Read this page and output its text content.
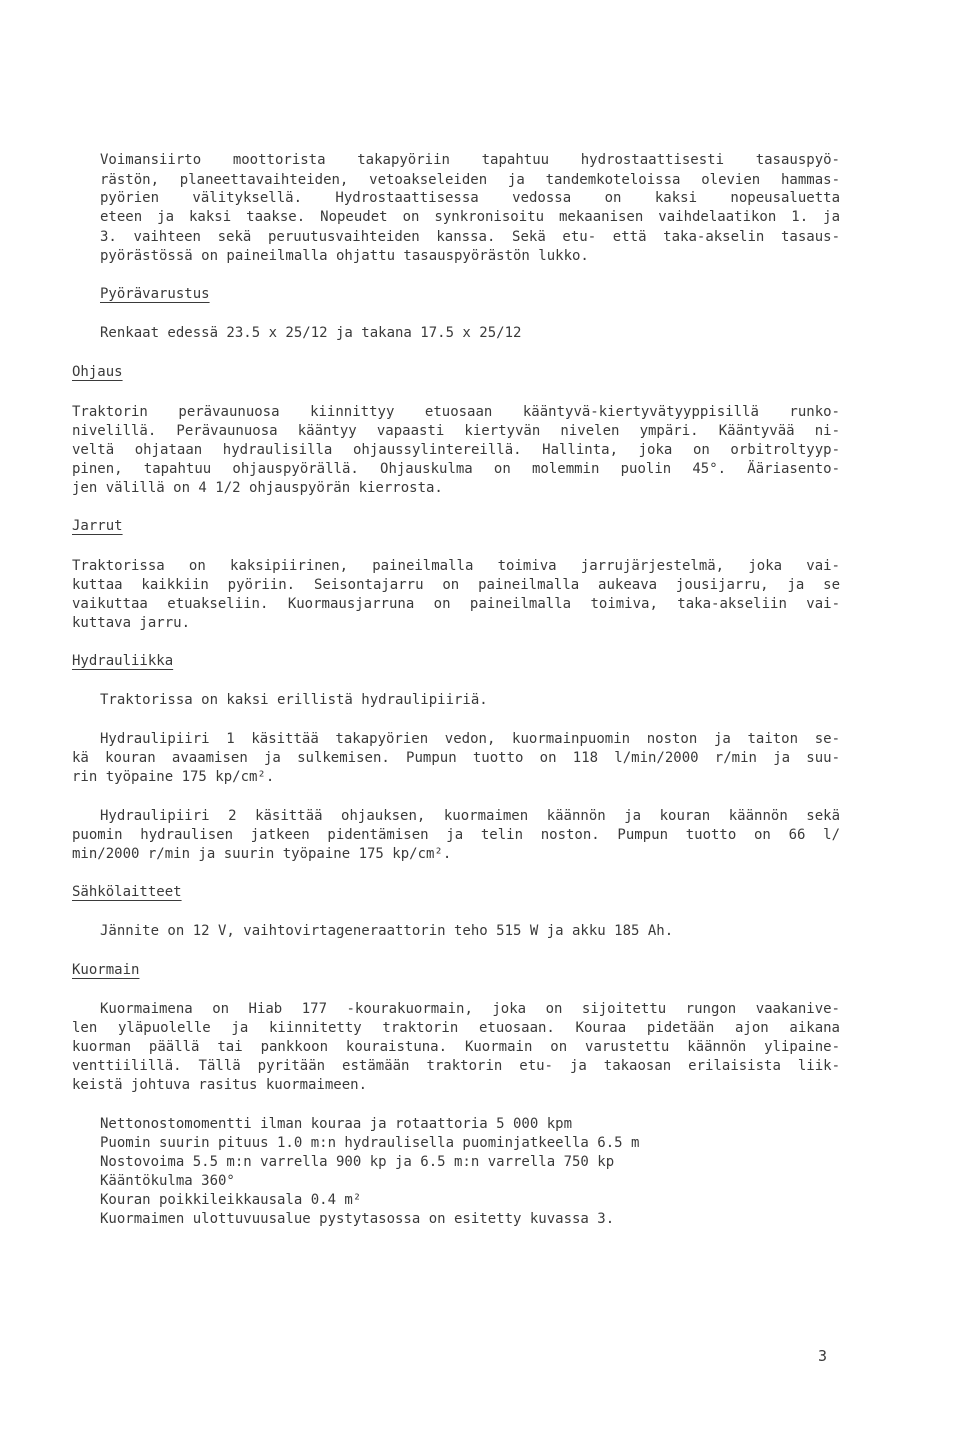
Voimansiirto moottorista takapyöriin tapahtuu hydrostaattisesti tasauspyö-
rästön, planeettavaihteiden, vetoakseleiden ja tandemkoteloissa olevien hammas-
pyörien välityksellä. Hydrostaattisessa vedossa on kaksi nopeusaluetta
eteen ja kaksi taakse. Nopeudet on synkronisoitu mekaanisen vaihdelaatikon 1. ja
3. vaihteen sekä peruutusvaihteiden kanssa. Sekä etu- että taka-akselin tasaus-
pyörästössä on paineilmalla ohjattu tasauspyörästön lukko.
Pyörävarustus
Renkaat edessä 23.5 x 25/12 ja takana 17.5 x 25/12
Ohjaus
Traktorin perävaunuosa kiinnittyy etuosaan kääntyvä-kiertyvätyyppisillä runko-
nivelillä. Perävaunuosa kääntyy vapaasti kiertyvän nivelen ympäri. Kääntyvää ni-
veltä ohjataan hydraulisilla ohjaussylintereillä. Hallinta, joka on orbitroltyyp-
pinen, tapahtuu ohjauspyörällä. Ohjauskulma on molemmin puolin 45°. Ääriasento-
jen välillä on 4 1/2 ohjauspyörän kierrosta.
Jarrut
Traktorissa on kaksipiirinen, paineilmalla toimiva jarrujärjestelmä, joka vai-
kuttaa kaikkiin pyöriin. Seisontajarru on paineilmalla aukeava jousijarru, ja se
vaikuttaa etuakseliin. Kuormausjarruna on paineilmalla toimiva, taka-akseliin vai-
kuttava jarru.
Hydrauliikka
Traktorissa on kaksi erillistä hydraulipiiriä.
Hydraulipiiri 1 käsittää takapyörien vedon, kuormainpuomin noston ja taiton se-
kä kouran avaamisen ja sulkemisen. Pumpun tuotto on 118 l/min/2000 r/min ja suu-
rin työpaine 175 kp/cm².
Hydraulipiiri 2 käsittää ohjauksen, kuormaimen käännön ja kouran käännön sekä
puomin hydraulisen jatkeen pidentämisen ja telin noston. Pumpun tuotto on 66 l/
min/2000 r/min ja suurin työpaine 175 kp/cm².
Sähkölaitteet
Jännite on 12 V, vaihtovirtageneraattorin teho 515 W ja akku 185 Ah.
Kuormain
Kuormaimena on Hiab 177 -kourakuormain, joka on sijoitettu rungon vaakanive-
len yläpuolelle ja kiinnitetty traktorin etuosaan. Kouraa pidetään ajon aikana
kuorman päällä tai pankkoon kouraistuna. Kuormain on varustettu käännön ylipaine-
venttiilillä. Tällä pyritään estämään traktorin etu- ja takaosan erilaisista liik-
keistä johtuva rasitus kuormaimeen.
Nettonostomomentti ilman kouraa ja rotaattoria 5 000 kpm
Puomin suurin pituus 1.0 m:n hydraulisella puominjatkeella 6.5 m
Nostovoima 5.5 m:n varrella 900 kp ja 6.5 m:n varrella 750 kp
Kääntökulma 360°
Kouran poikkileikkausala 0.4 m²
Kuormaimen ulottuvuusalue pystytasossa on esitetty kuvassa 3.
3
